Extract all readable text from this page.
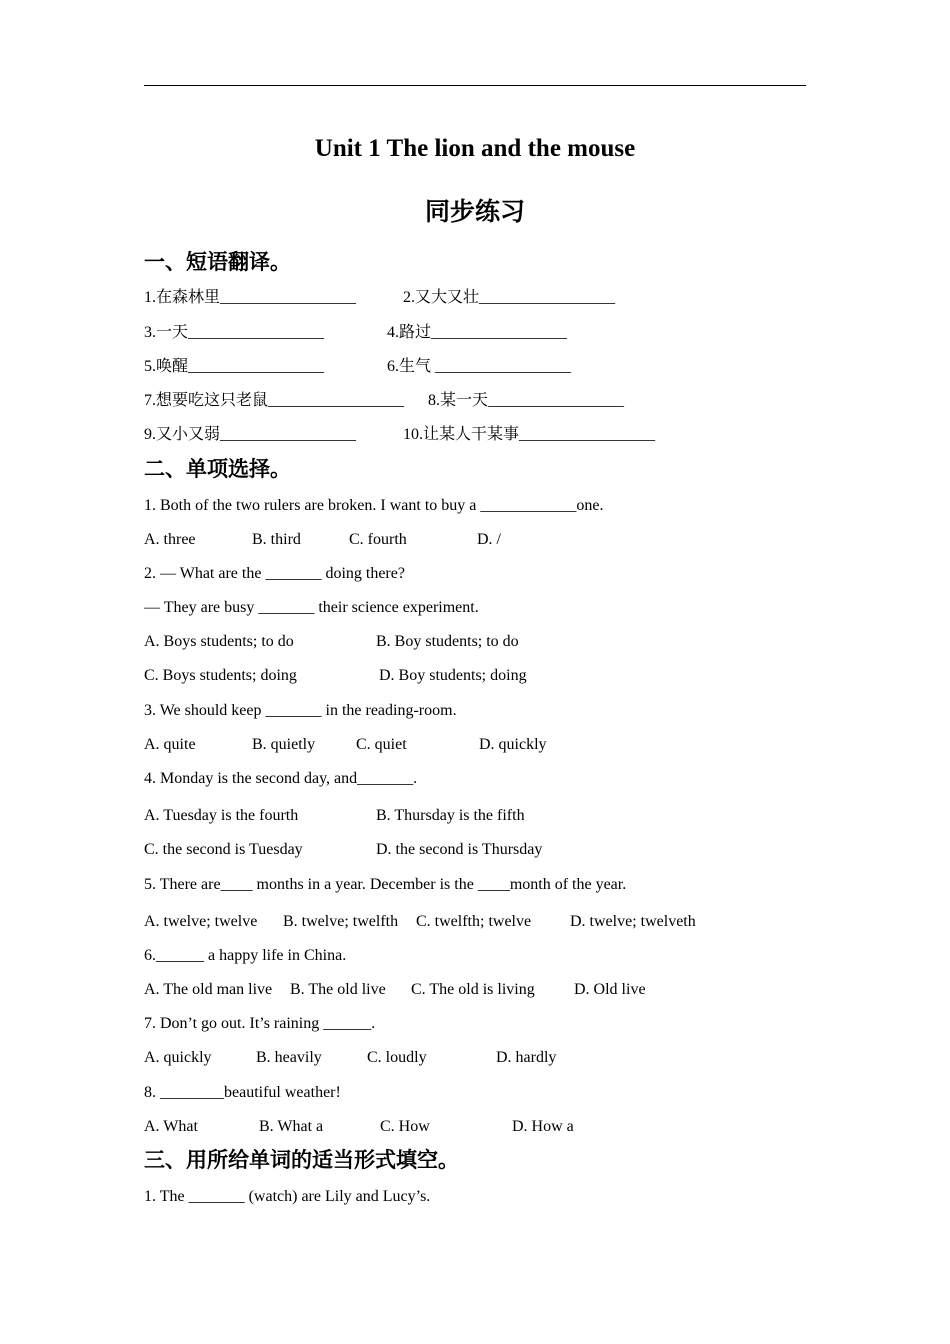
Unit 1 The lion and the mouse
同步练习
一、短语翻译。
1.在森林里_________________	2.又大又壮_________________
3.一天_________________	4.路过_________________
5.唤醒_________________	6.生气 _________________
7.想要吃这只老鼠_________________ 8.某一天_________________
9.又小又弱_________________	10.让某人干某事_________________
二、单项选择。
1. Both of the two rulers are broken. I want to buy a ____________one.
A. three	B. third	C. fourth	D. /
2. — What are the _______ doing there?
— They are busy _______ their science experiment.
A. Boys students; to do	B. Boy students; to do
C. Boys students; doing	D. Boy students; doing
3. We should keep _______ in the reading-room.
A. quite	B. quietly	C. quiet	D. quickly
4. Monday is the second day, and_______.
A. Tuesday is the fourth	B. Thursday is the fifth
C. the second is Tuesday	D. the second is Thursday
5. There are____ months in a year. December is the ____month of the year.
A. twelve; twelve B. twelve; twelfth C. twelfth; twelve D. twelve; twelveth
6.______ a happy life in China.
A. The old man live B. The old live C. The old is living D. Old live
7. Don’t go out. It’s raining ______.
A. quickly	B. heavily	C. loudly	D. hardly
8. ________beautiful weather!
A. What	B. What a	C. How	D. How a
三、用所给单词的适当形式填空。
1. The _______ (watch) are Lily and Lucy’s.
